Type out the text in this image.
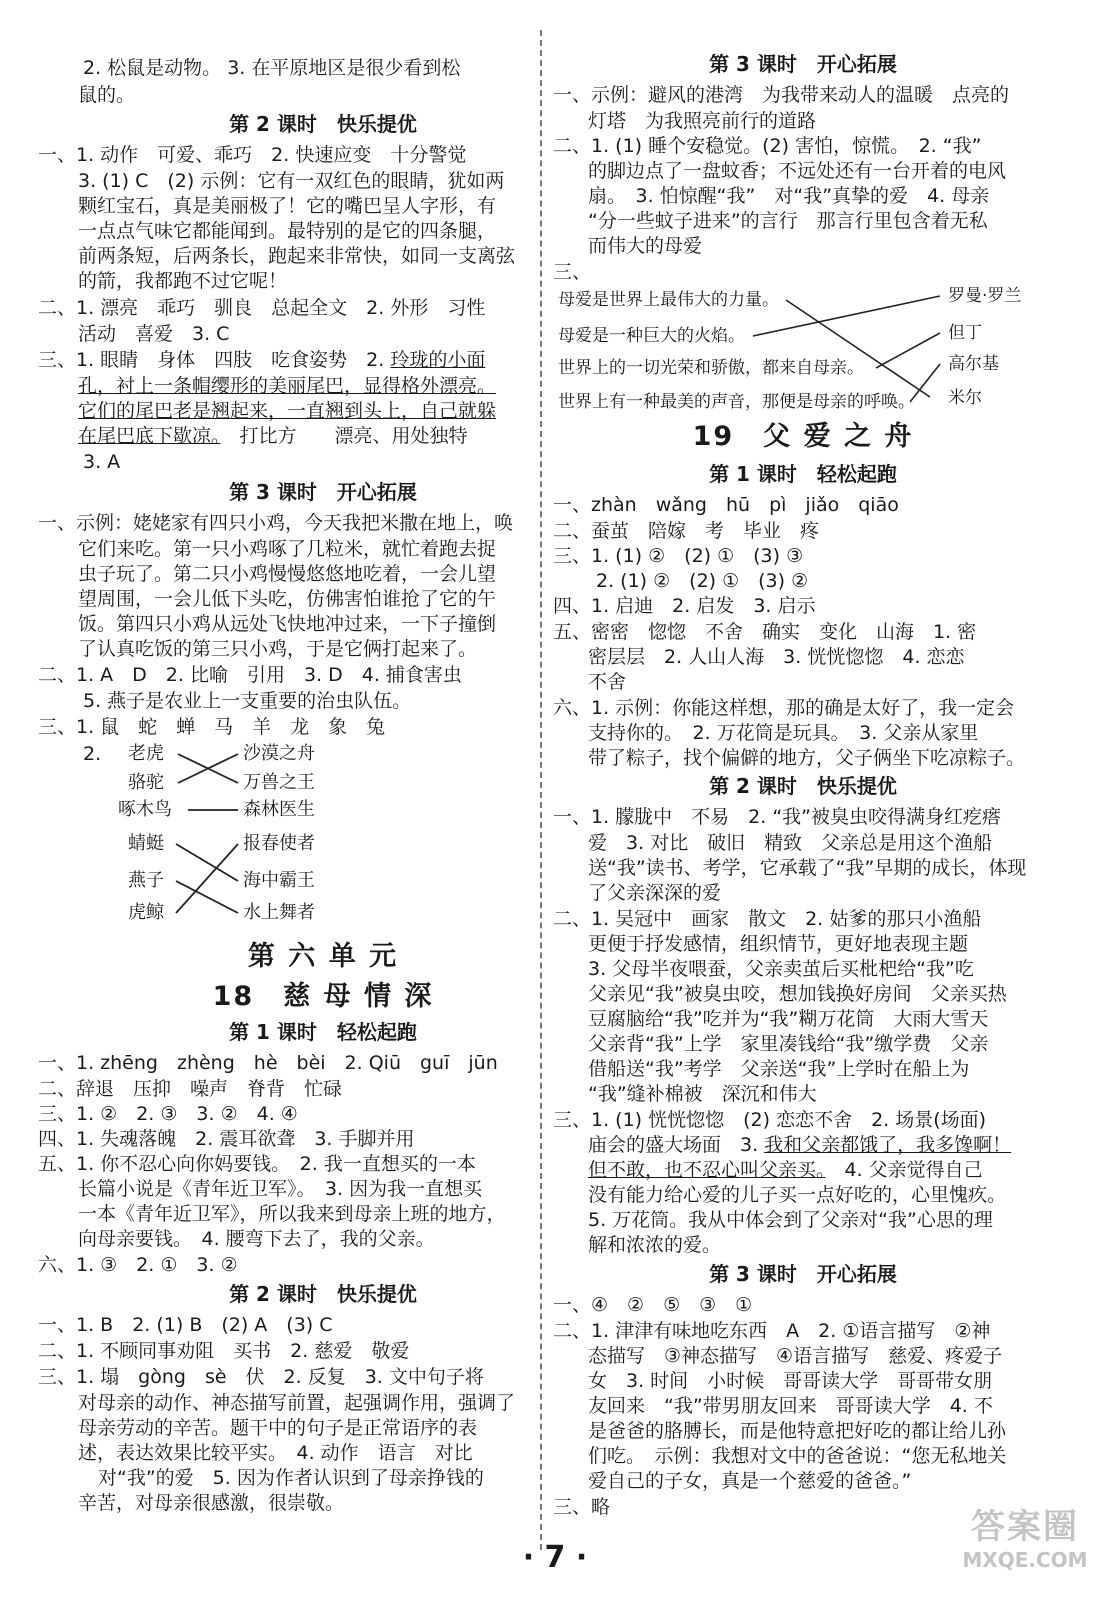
2. 松鼠是动物。 3. 在平原地区是很少看到松
鼠的。
第 2 课时　快乐提优
一、1. 动作　可爱、乖巧　2. 快速应变　十分警觉
3. (1) C　(2) 示例：它有一双红色的眼睛，犹如两
颗红宝石，真是美丽极了！它的嘴巴呈人字形，有
一点点气味它都能闻到。最特别的是它的四条腿，
前两条短，后两条长，跑起来非常快，如同一支离弦
的箭，我都跑不过它呢！
二、1. 漂亮　乖巧　驯良　总起全文　2. 外形　习性
活动　喜爱　3. C
三、1. 眼睛　身体　四肢　吃食姿势　2. 玲珑的小面
孔，衬上一条帽缨形的美丽尾巴，显得格外漂亮。
它们的尾巴老是翘起来，一直翘到头上，自己就躲
在尾巴底下歇凉。　打比方　　漂亮、用处独特
3. A
第 3 课时　开心拓展
一、示例：姥姥家有四只小鸡，今天我把米撒在地上，唤
它们来吃。第一只小鸡啄了几粒米，就忙着跑去捉
虫子玩了。第二只小鸡慢慢悠悠地吃着，一会儿望
望周围，一会儿低下头吃，仿佛害怕谁抢了它的午
饭。第四只小鸡从远处飞快地冲过来，一下子撞倒
了认真吃饭的第三只小鸡，于是它俩打起来了。
二、1. A　D　2. 比喻　引用　3. D　4. 捕食害虫
5. 燕子是农业上一支重要的治虫队伍。
三、1. 鼠　蛇　蝉　马　羊　龙　象　兔
2. 老虎
骆驼
啄木鸟
蜻蜓
燕子
虎鲸
沙漠之舟
万兽之王
森林医生
报春使者
海中霸王
水上舞者
第 六 单 元
18　慈 母 情 深
第 1 课时　轻松起跑
一、1. zhēng　zhèng　hè　bèi　2. Qiū　guī　jūn
二、辞退　压抑　噪声　脊背　忙碌
三、1. ②　2. ③　3. ②　4. ④
四、1. 失魂落魄　2. 震耳欲聋　3. 手脚并用
五、1. 你不忍心向你妈要钱。　2. 我一直想买的一本
长篇小说是《青年近卫军》。　3. 因为我一直想买
一本《青年近卫军》，所以我来到母亲上班的地方，
向母亲要钱。　4. 腰弯下去了，我的父亲。
六、1. ③　2. ①　3. ②
第 2 课时　快乐提优
一、1. B　2. (1) B　(2) A　(3) C
二、1. 不顾同事劝阻　买书　2. 慈爱　敬爱
三、1. 塌　gòng　sè　伏　2. 反复　3. 文中句子将
对母亲的动作、神态描写前置，起强调作用，强调了
母亲劳动的辛苦。题干中的句子是正常语序的表
述，表达效果比较平实。　4. 动作　语言　对比
对“我”的爱　5. 因为作者认识到了母亲挣钱的
辛苦，对母亲很感激，很崇敬。
第 3 课时　开心拓展
一、示例：避风的港湾　为我带来动人的温暖　点亮的
灯塔　为我照亮前行的道路
二、1. (1) 睡个安稳觉。(2) 害怕，惊慌。　2. “我”
的脚边点了一盘蚊香；不远处还有一台开着的电风
扇。　3. 怕惊醒“我”　对“我”真挚的爱　4. 母亲
“分一些蚊子进来”的言行　那言行里包含着无私
而伟大的母爱
三、
母爱是世界上最伟大的力量。
母爱是一种巨大的火焰。
世界上的一切光荣和骄傲，都来自母亲。
世界上有一种最美的声音，那便是母亲的呼唤。
罗曼·罗兰
但丁
高尔基
米尔
19　父 爱 之 舟
第 1 课时　轻松起跑
一、zhàn　wǎng　hū　pì　jiǎo　qiāo
二、蚕茧　陪嫁　考　毕业　疼
三、1. (1) ②　(2) ①　(3) ③
2. (1) ②　(2) ①　(3) ②
四、1. 启迪　2. 启发　3. 启示
五、密密　惚惚　不舍　确实　变化　山海　1. 密
密层层　2. 人山人海　3. 恍恍惚惚　4. 恋恋
不舍
六、1. 示例：你能这样想，那的确是太好了，我一定会
支持你的。　2. 万花筒是玩具。　3. 父亲从家里
带了粽子，找个偏僻的地方，父子俩坐下吃凉粽子。
第 2 课时　快乐提优
一、1. 朦胧中　不易　2. “我”被臭虫咬得满身红疙瘩
爱　3. 对比　破旧　精致　父亲总是用这个渔船
送“我”读书、考学，它承载了“我”早期的成长，体现
了父亲深深的爱
二、1. 吴冠中　画家　散文　2. 姑爹的那只小渔船
更便于抒发感情，组织情节，更好地表现主题
3. 父母半夜喂蚕，父亲卖茧后买枇杷给“我”吃
父亲见“我”被臭虫咬，想加钱换好房间　父亲买热
豆腐脑给“我”吃并为“我”糊万花筒　大雨大雪天
父亲背“我”上学　家里凑钱给“我”缴学费　父亲
借船送“我”考学　父亲送“我”上学时在船上为
“我”缝补棉被　深沉和伟大
三、1. (1) 恍恍惚惚　(2) 恋恋不舍　2. 场景(场面)
庙会的盛大场面　3. 我和父亲都饿了，我多馋啊！
但不敢，也不忍心叫父亲买。　4. 父亲觉得自己
没有能力给心爱的儿子买一点好吃的，心里愧疚。
5. 万花筒。我从中体会到了父亲对“我”心思的理
解和浓浓的爱。
第 3 课时　开心拓展
一、④　②　⑤　③　①
二、1. 津津有味地吃东西　A　2. ①语言描写　②神
态描写　③神态描写　④语言描写　慈爱、疼爱子
女　3. 时间　小时候　哥哥读大学　哥哥带女朋
友回来　“我”带男朋友回来　哥哥读大学　4. 不
是爸爸的胳膊长，而是他特意把好吃的都让给儿孙
们吃。　示例：我想对文中的爸爸说：“您无私地关
爱自己的子女，真是一个慈爱的爸爸。”
三、略
· 7 ·
答案圈
MXQE.COM
